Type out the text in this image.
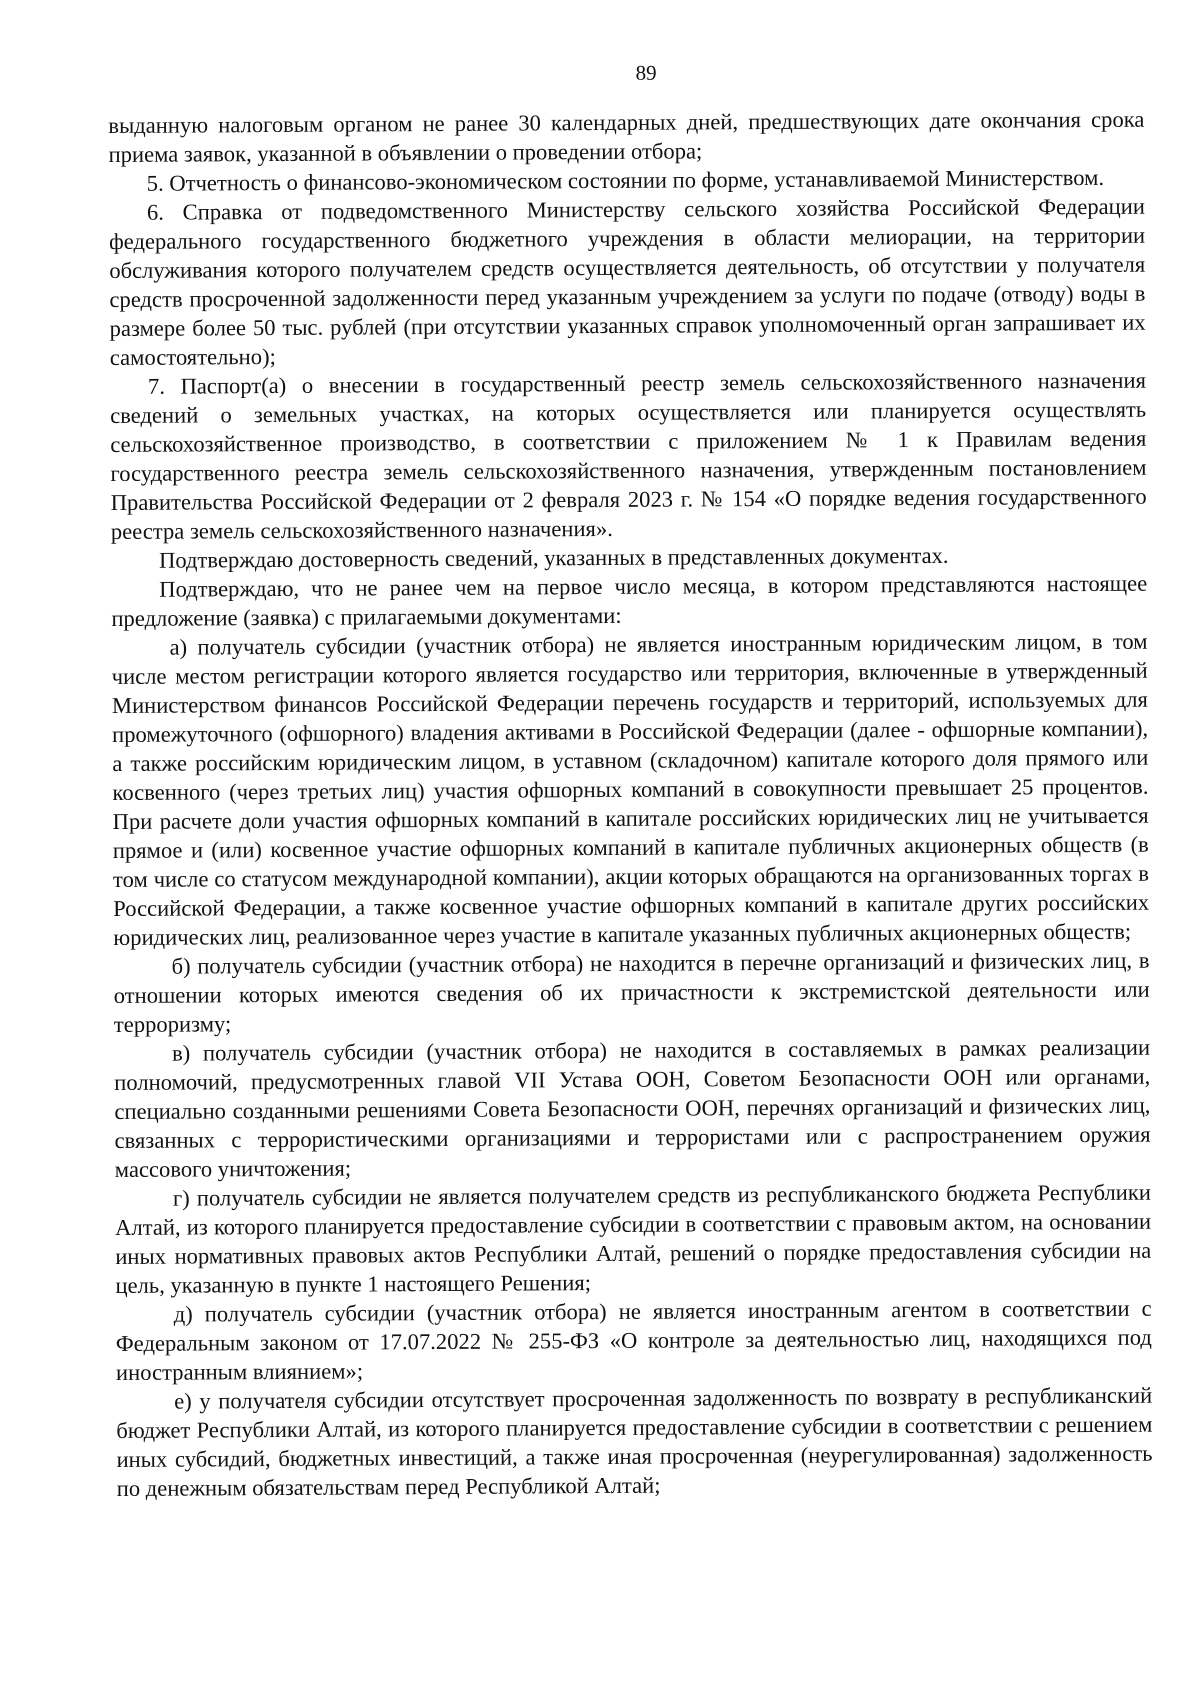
89

выданную налоговым органом не ранее 30 календарных дней, предшествующих дате окончания срока приема заявок, указанной в объявлении о проведении отбора;

5. Отчетность о финансово-экономическом состоянии по форме, устанавливаемой Министерством.

6. Справка от подведомственного Министерству сельского хозяйства Российской Федерации федерального государственного бюджетного учреждения в области мелиорации, на территории обслуживания которого получателем средств осуществляется деятельность, об отсутствии у получателя средств просроченной задолженности перед указанным учреждением за услуги по подаче (отводу) воды в размере более 50 тыс. рублей (при отсутствии указанных справок уполномоченный орган запрашивает их самостоятельно);

7. Паспорт(а) о внесении в государственный реестр земель сельскохозяйственного назначения сведений о земельных участках, на которых осуществляется или планируется осуществлять сельскохозяйственное производство, в соответствии с приложением № 1 к Правилам ведения государственного реестра земель сельскохозяйственного назначения, утвержденным постановлением Правительства Российской Федерации от 2 февраля 2023 г. № 154 «О порядке ведения государственного реестра земель сельскохозяйственного назначения».

Подтверждаю достоверность сведений, указанных в представленных документах.

Подтверждаю, что не ранее чем на первое число месяца, в котором представляются настоящее предложение (заявка) с прилагаемыми документами:

а) получатель субсидии (участник отбора) не является иностранным юридическим лицом, в том числе местом регистрации которого является государство или территория, включенные в утвержденный Министерством финансов Российской Федерации перечень государств и территорий, используемых для промежуточного (офшорного) владения активами в Российской Федерации (далее - офшорные компании), а также российским юридическим лицом, в уставном (складочном) капитале которого доля прямого или косвенного (через третьих лиц) участия офшорных компаний в совокупности превышает 25 процентов. При расчете доли участия офшорных компаний в капитале российских юридических лиц не учитывается прямое и (или) косвенное участие офшорных компаний в капитале публичных акционерных обществ (в том числе со статусом международной компании), акции которых обращаются на организованных торгах в Российской Федерации, а также косвенное участие офшорных компаний в капитале других российских юридических лиц, реализованное через участие в капитале указанных публичных акционерных обществ;

б) получатель субсидии (участник отбора) не находится в перечне организаций и физических лиц, в отношении которых имеются сведения об их причастности к экстремистской деятельности или терроризму;

в) получатель субсидии (участник отбора) не находится в составляемых в рамках реализации полномочий, предусмотренных главой VII Устава ООН, Советом Безопасности ООН или органами, специально созданными решениями Совета Безопасности ООН, перечнях организаций и физических лиц, связанных с террористическими организациями и террористами или с распространением оружия массового уничтожения;

г) получатель субсидии не является получателем средств из республиканского бюджета Республики Алтай, из которого планируется предоставление субсидии в соответствии с правовым актом, на основании иных нормативных правовых актов Республики Алтай, решений о порядке предоставления субсидии на цель, указанную в пункте 1 настоящего Решения;

д) получатель субсидии (участник отбора) не является иностранным агентом в соответствии с Федеральным законом от 17.07.2022 № 255-ФЗ «О контроле за деятельностью лиц, находящихся под иностранным влиянием»;

е) у получателя субсидии отсутствует просроченная задолженность по возврату в республиканский бюджет Республики Алтай, из которого планируется предоставление субсидии в соответствии с решением иных субсидий, бюджетных инвестиций, а также иная просроченная (неурегулированная) задолженность по денежным обязательствам перед Республикой Алтай;
